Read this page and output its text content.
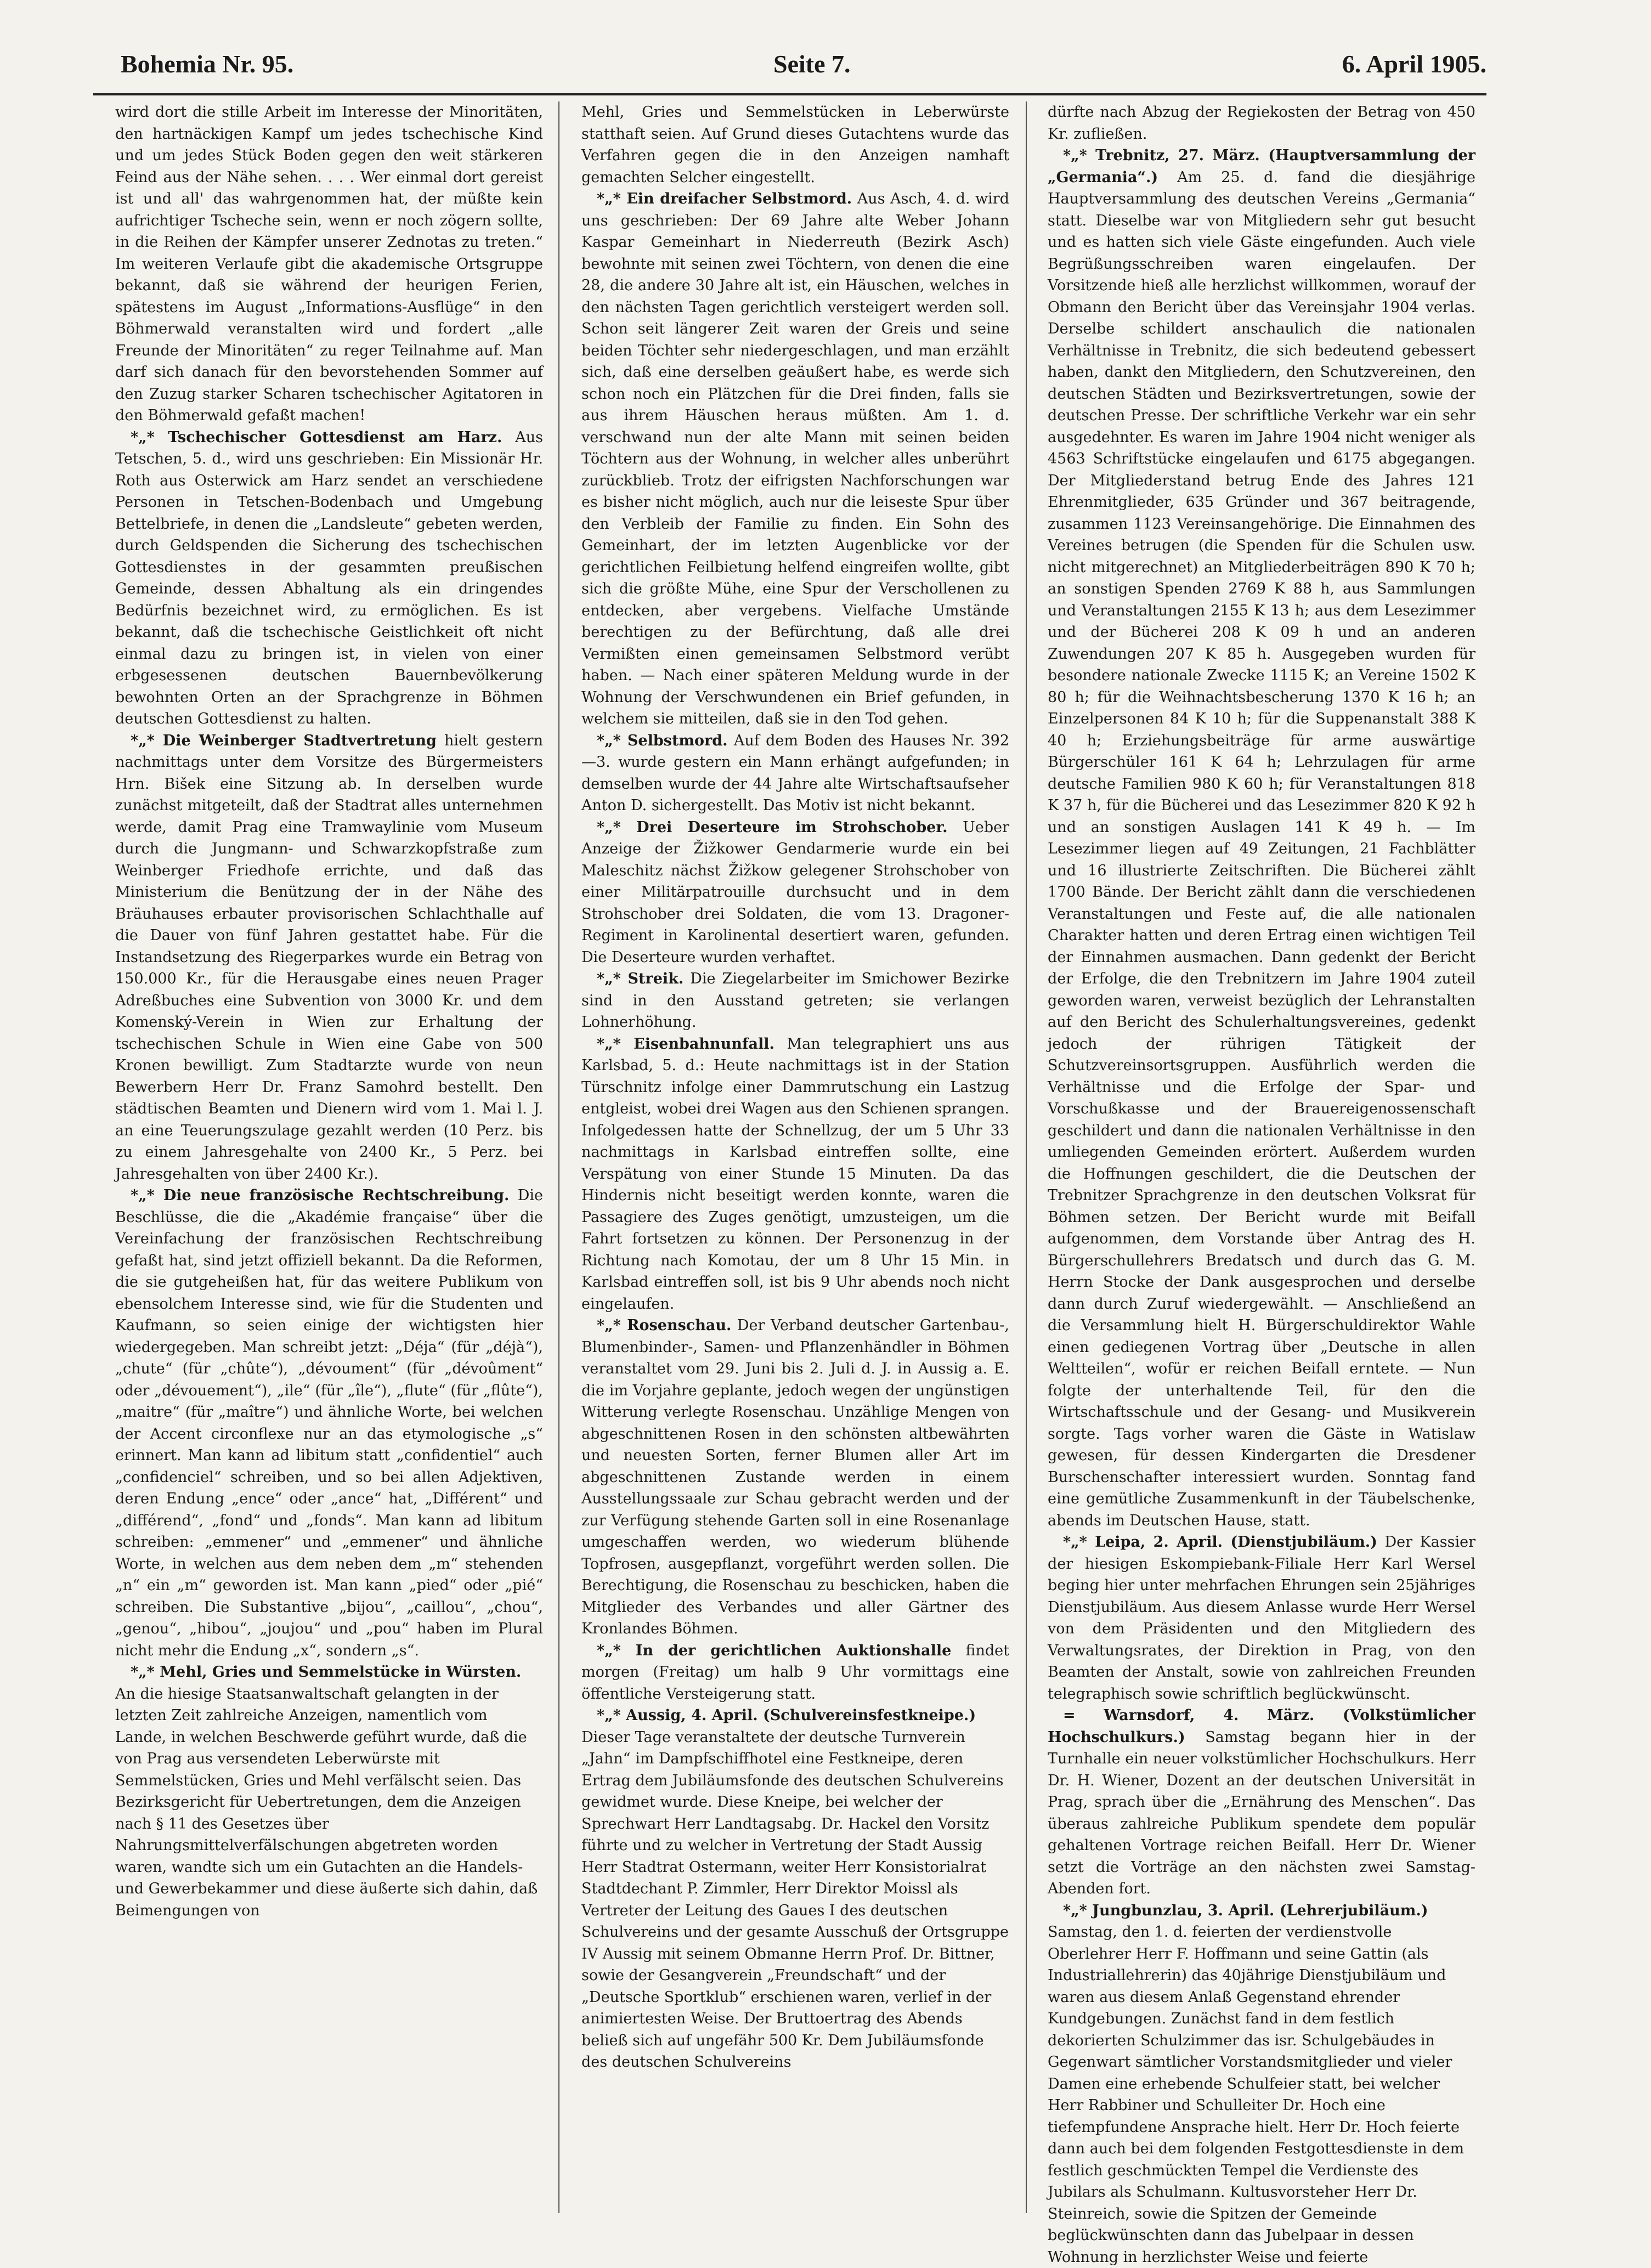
Bohemia Nr. 95.	Seite 7.	6. April 1905.

wird dort die stille Arbeit im Interesse der Minoritäten, den hartnäckigen Kampf um jedes tschechische Kind und um jedes Stück Boden gegen den weit stärkeren Feind aus der Nähe sehen. . . . Wer einmal dort gereist ist und all' das wahrgenommen hat, der müßte kein aufrichtiger Tscheche sein, wenn er noch zögern sollte, in die Reihen der Kämpfer unserer Zednotas zu treten.“ Im weiteren Verlaufe gibt die akademische Ortsgruppe bekannt, daß sie während der heurigen Ferien, spätestens im August „Informations-Ausflüge“ in den Böhmerwald veranstalten wird und fordert „alle Freunde der Minoritäten“ zu reger Teilnahme auf. Man darf sich danach für den bevorstehenden Sommer auf den Zuzug starker Scharen tschechischer Agitatoren in den Böhmerwald gefaßt machen!

*„* Tschechischer Gottesdienst am Harz. Aus Tetschen, 5. d., wird uns geschrieben: Ein Missionär Hr. Roth aus Osterwick am Harz sendet an verschiedene Personen in Tetschen-Bodenbach und Umgebung Bettelbriefe, in denen die „Landsleute“ gebeten werden, durch Geldspenden die Sicherung des tschechischen Gottesdienstes in der gesammten preußischen Gemeinde, dessen Abhaltung als ein dringendes Bedürfnis bezeichnet wird, zu ermöglichen. Es ist bekannt, daß die tschechische Geistlichkeit oft nicht einmal dazu zu bringen ist, in vielen von einer erbgesessenen deutschen Bauernbevölkerung bewohnten Orten an der Sprachgrenze in Böhmen deutschen Gottesdienst zu halten.

*„* Die Weinberger Stadtvertretung hielt gestern nachmittags unter dem Vorsitze des Bürgermeisters Hrn. Bišek eine Sitzung ab. In derselben wurde zunächst mitgeteilt, daß der Stadtrat alles unternehmen werde, damit Prag eine Tramwaylinie vom Museum durch die Jungmann- und Schwarzkopfstraße zum Weinberger Friedhofe errichte, und daß das Ministerium die Benützung der in der Nähe des Bräuhauses erbauter provisorischen Schlachthalle auf die Dauer von fünf Jahren gestattet habe. Für die Instandsetzung des Riegerparkes wurde ein Betrag von 150.000 Kr., für die Herausgabe eines neuen Prager Adreßbuches eine Subvention von 3000 Kr. und dem Komenský-Verein in Wien zur Erhaltung der tschechischen Schule in Wien eine Gabe von 500 Kronen bewilligt. Zum Stadtarzte wurde von neun Bewerbern Herr Dr. Franz Samohrd bestellt. Den städtischen Beamten und Dienern wird vom 1. Mai l. J. an eine Teuerungszulage gezahlt werden (10 Perz. bis zu einem Jahresgehalte von 2400 Kr., 5 Perz. bei Jahresgehalten von über 2400 Kr.).

*„* Die neue französische Rechtschreibung. Die Beschlüsse, die die „Akadémie française“ über die Vereinfachung der französischen Rechtschreibung gefaßt hat, sind jetzt offiziell bekannt. Da die Reformen, die sie gutgeheißen hat, für das weitere Publikum von ebensolchem Interesse sind, wie für die Studenten und Kaufmann, so seien einige der wichtigsten hier wiedergegeben. Man schreibt jetzt: „Déja“ (für „déjà“), „chute“ (für „chûte“), „dévoument“ (für „dévoûment“ oder „dévouement“), „ile“ (für „île“), „flute“ (für „flûte“), „maitre“ (für „maître“) und ähnliche Worte, bei welchen der Accent circonflexe nur an das etymologische „s“ erinnert. Man kann ad libitum statt „confidentiel“ auch „confidenciel“ schreiben, und so bei allen Adjektiven, deren Endung „ence“ oder „ance“ hat, „Différent“ und „différend“, „fond“ und „fonds“. Man kann ad libitum schreiben: „emmener“ und „emmener“ und ähnliche Worte, in welchen aus dem neben dem „m“ stehenden „n“ ein „m“ geworden ist. Man kann „pied“ oder „pié“ schreiben. Die Substantive „bijou“, „caillou“, „chou“, „genou“, „hibou“, „joujou“ und „pou“ haben im Plural nicht mehr die Endung „x“, sondern „s“.

*„* Mehl, Gries und Semmelstücke in Würsten. An die hiesige Staatsanwaltschaft gelangten in der letzten Zeit zahlreiche Anzeigen, namentlich vom Lande, in welchen Beschwerde geführt wurde, daß die von Prag aus versendeten Leberwürste mit Semmelstücken, Gries und Mehl verfälscht seien. Das Bezirksgericht für Uebertretungen, dem die Anzeigen nach § 11 des Gesetzes über Nahrungsmittelverfälschungen abgetreten worden waren, wandte sich um ein Gutachten an die Handels- und Gewerbekammer und diese äußerte sich dahin, daß Beimengungen von

Mehl, Gries und Semmelstücken in Leberwürste statthaft seien. Auf Grund dieses Gutachtens wurde das Verfahren gegen die in den Anzeigen namhaft gemachten Selcher eingestellt.

*„* Ein dreifacher Selbstmord. Aus Asch, 4. d. wird uns geschrieben: Der 69 Jahre alte Weber Johann Kaspar Gemeinhart in Niederreuth (Bezirk Asch) bewohnte mit seinen zwei Töchtern, von denen die eine 28, die andere 30 Jahre alt ist, ein Häuschen, welches in den nächsten Tagen gerichtlich versteigert werden soll. Schon seit längerer Zeit waren der Greis und seine beiden Töchter sehr niedergeschlagen, und man erzählt sich, daß eine derselben geäußert habe, es werde sich schon noch ein Plätzchen für die Drei finden, falls sie aus ihrem Häuschen heraus müßten. Am 1. d. verschwand nun der alte Mann mit seinen beiden Töchtern aus der Wohnung, in welcher alles unberührt zurückblieb. Trotz der eifrigsten Nachforschungen war es bisher nicht möglich, auch nur die leiseste Spur über den Verbleib der Familie zu finden. Ein Sohn des Gemeinhart, der im letzten Augenblicke vor der gerichtlichen Feilbietung helfend eingreifen wollte, gibt sich die größte Mühe, eine Spur der Verschollenen zu entdecken, aber vergebens. Vielfache Umstände berechtigen zu der Befürchtung, daß alle drei Vermißten einen gemeinsamen Selbstmord verübt haben. — Nach einer späteren Meldung wurde in der Wohnung der Verschwundenen ein Brief gefunden, in welchem sie mitteilen, daß sie in den Tod gehen.

*„* Selbstmord. Auf dem Boden des Hauses Nr. 392—3. wurde gestern ein Mann erhängt aufgefunden; in demselben wurde der 44 Jahre alte Wirtschaftsaufseher Anton D. sichergestellt. Das Motiv ist nicht bekannt.

*„* Drei Deserteure im Strohschober. Ueber Anzeige der Žižkower Gendarmerie wurde ein bei Maleschitz nächst Žižkow gelegener Strohschober von einer Militärpatrouille durchsucht und in dem Strohschober drei Soldaten, die vom 13. Dragoner-Regiment in Karolinental desertiert waren, gefunden. Die Deserteure wurden verhaftet.

*„* Streik. Die Ziegelarbeiter im Smichower Bezirke sind in den Ausstand getreten; sie verlangen Lohnerhöhung.

*„* Eisenbahnunfall. Man telegraphiert uns aus Karlsbad, 5. d.: Heute nachmittags ist in der Station Türschnitz infolge einer Dammrutschung ein Lastzug entgleist, wobei drei Wagen aus den Schienen sprangen. Infolgedessen hatte der Schnellzug, der um 5 Uhr 33 nachmittags in Karlsbad eintreffen sollte, eine Verspätung von einer Stunde 15 Minuten. Da das Hindernis nicht beseitigt werden konnte, waren die Passagiere des Zuges genötigt, umzusteigen, um die Fahrt fortsetzen zu können. Der Personenzug in der Richtung nach Komotau, der um 8 Uhr 15 Min. in Karlsbad eintreffen soll, ist bis 9 Uhr abends noch nicht eingelaufen.

*„* Rosenschau. Der Verband deutscher Gartenbau-, Blumenbinder-, Samen- und Pflanzenhändler in Böhmen veranstaltet vom 29. Juni bis 2. Juli d. J. in Aussig a. E. die im Vorjahre geplante, jedoch wegen der ungünstigen Witterung verlegte Rosenschau. Unzählige Mengen von abgeschnittenen Rosen in den schönsten altbewährten und neuesten Sorten, ferner Blumen aller Art im abgeschnittenen Zustande werden in einem Ausstellungssaale zur Schau gebracht werden und der zur Verfügung stehende Garten soll in eine Rosenanlage umgeschaffen werden, wo wiederum blühende Topfrosen, ausgepflanzt, vorgeführt werden sollen. Die Berechtigung, die Rosenschau zu beschicken, haben die Mitglieder des Verbandes und aller Gärtner des Kronlandes Böhmen.

*„* In der gerichtlichen Auktionshalle findet morgen (Freitag) um halb 9 Uhr vormittags eine öffentliche Versteigerung statt.

*„* Aussig, 4. April. (Schulvereinsfestkneipe.) Dieser Tage veranstaltete der deutsche Turnverein „Jahn“ im Dampfschiffhotel eine Festkneipe, deren Ertrag dem Jubiläumsfonde des deutschen Schulvereins gewidmet wurde. Diese Kneipe, bei welcher der Sprechwart Herr Landtagsabg. Dr. Hackel den Vorsitz führte und zu welcher in Vertretung der Stadt Aussig Herr Stadtrat Ostermann, weiter Herr Konsistorialrat Stadtdechant P. Zimmler, Herr Direktor Moissl als Vertreter der Leitung des Gaues I des deutschen Schulvereins und der gesamte Ausschuß der Ortsgruppe IV Aussig mit seinem Obmanne Herrn Prof. Dr. Bittner, sowie der Gesangverein „Freundschaft“ und der „Deutsche Sportklub“ erschienen waren, verlief in der animiertesten Weise. Der Bruttoertrag des Abends beließ sich auf ungefähr 500 Kr. Dem Jubiläumsfonde des deutschen Schulvereins

dürfte nach Abzug der Regiekosten der Betrag von 450 Kr. zufließen.

*„* Trebnitz, 27. März. (Hauptversammlung der „Germania“.) Am 25. d. fand die diesjährige Hauptversammlung des deutschen Vereins „Germania“ statt. Dieselbe war von Mitgliedern sehr gut besucht und es hatten sich viele Gäste eingefunden. Auch viele Begrüßungsschreiben waren eingelaufen. Der Vorsitzende hieß alle herzlichst willkommen, worauf der Obmann den Bericht über das Vereinsjahr 1904 verlas. Derselbe schildert anschaulich die nationalen Verhältnisse in Trebnitz, die sich bedeutend gebessert haben, dankt den Mitgliedern, den Schutzvereinen, den deutschen Städten und Bezirksvertretungen, sowie der deutschen Presse. Der schriftliche Verkehr war ein sehr ausgedehnter. Es waren im Jahre 1904 nicht weniger als 4563 Schriftstücke eingelaufen und 6175 abgegangen. Der Mitgliederstand betrug Ende des Jahres 121 Ehrenmitglieder, 635 Gründer und 367 beitragende, zusammen 1123 Vereinsangehörige. Die Einnahmen des Vereines betrugen (die Spenden für die Schulen usw. nicht mitgerechnet) an Mitgliederbeiträgen 890 K 70 h; an sonstigen Spenden 2769 K 88 h, aus Sammlungen und Veranstaltungen 2155 K 13 h; aus dem Lesezimmer und der Bücherei 208 K 09 h und an anderen Zuwendungen 207 K 85 h. Ausgegeben wurden für besondere nationale Zwecke 1115 K; an Vereine 1502 K 80 h; für die Weihnachtsbescherung 1370 K 16 h; an Einzelpersonen 84 K 10 h; für die Suppenanstalt 388 K 40 h; Erziehungsbeiträge für arme auswärtige Bürgerschüler 161 K 64 h; Lehrzulagen für arme deutsche Familien 980 K 60 h; für Veranstaltungen 818 K 37 h, für die Bücherei und das Lesezimmer 820 K 92 h und an sonstigen Auslagen 141 K 49 h. — Im Lesezimmer liegen auf 49 Zeitungen, 21 Fachblätter und 16 illustrierte Zeitschriften. Die Bücherei zählt 1700 Bände. Der Bericht zählt dann die verschiedenen Veranstaltungen und Feste auf, die alle nationalen Charakter hatten und deren Ertrag einen wichtigen Teil der Einnahmen ausmachen. Dann gedenkt der Bericht der Erfolge, die den Trebnitzern im Jahre 1904 zuteil geworden waren, verweist bezüglich der Lehranstalten auf den Bericht des Schulerhaltungsvereines, gedenkt jedoch der rührigen Tätigkeit der Schutzvereinsortsgruppen. Ausführlich werden die Verhältnisse und die Erfolge der Spar- und Vorschußkasse und der Brauereigenossenschaft geschildert und dann die nationalen Verhältnisse in den umliegenden Gemeinden erörtert. Außerdem wurden die Hoffnungen geschildert, die die Deutschen der Trebnitzer Sprachgrenze in den deutschen Volksrat für Böhmen setzen. Der Bericht wurde mit Beifall aufgenommen, dem Vorstande über Antrag des H. Bürgerschullehrers Bredatsch und durch das G. M. Herrn Stocke der Dank ausgesprochen und derselbe dann durch Zuruf wiedergewählt. — Anschließend an die Versammlung hielt H. Bürgerschuldirektor Wahle einen gediegenen Vortrag über „Deutsche in allen Weltteilen“, wofür er reichen Beifall erntete. — Nun folgte der unterhaltende Teil, für den die Wirtschaftsschule und der Gesang- und Musikverein sorgte. Tags vorher waren die Gäste in Watislaw gewesen, für dessen Kindergarten die Dresdener Burschenschafter interessiert wurden. Sonntag fand eine gemütliche Zusammenkunft in der Täubelschenke, abends im Deutschen Hause, statt.

*„* Leipa, 2. April. (Dienstjubiläum.) Der Kassier der hiesigen Eskompiebank-Filiale Herr Karl Wersel beging hier unter mehrfachen Ehrungen sein 25jähriges Dienstjubiläum. Aus diesem Anlasse wurde Herr Wersel von dem Präsidenten und den Mitgliedern des Verwaltungsrates, der Direktion in Prag, von den Beamten der Anstalt, sowie von zahlreichen Freunden telegraphisch sowie schriftlich beglückwünscht.

= Warnsdorf, 4. März. (Volkstümlicher Hochschulkurs.) Samstag begann hier in der Turnhalle ein neuer volkstümlicher Hochschulkurs. Herr Dr. H. Wiener, Dozent an der deutschen Universität in Prag, sprach über die „Ernährung des Menschen“. Das überaus zahlreiche Publikum spendete dem populär gehaltenen Vortrage reichen Beifall. Herr Dr. Wiener setzt die Vorträge an den nächsten zwei Samstag-Abenden fort.

*„* Jungbunzlau, 3. April. (Lehrerjubiläum.) Samstag, den 1. d. feierten der verdienstvolle Oberlehrer Herr F. Hoffmann und seine Gattin (als Industriallehrerin) das 40jährige Dienstjubiläum und waren aus diesem Anlaß Gegenstand ehrender Kundgebungen. Zunächst fand in dem festlich dekorierten Schulzimmer das isr. Schulgebäudes in Gegenwart sämtlicher Vorstandsmitglieder und vieler Damen eine erhebende Schulfeier statt, bei welcher Herr Rabbiner und Schulleiter Dr. Hoch eine tiefempfundene Ansprache hielt. Herr Dr. Hoch feierte dann auch bei dem folgenden Festgottesdienste in dem festlich geschmückten Tempel die Verdienste des Jubilars als Schulmann. Kultusvorsteher Herr Dr. Steinreich, sowie die Spitzen der Gemeinde beglückwünschten dann das Jubelpaar in dessen Wohnung in herzlichster Weise und feierte
